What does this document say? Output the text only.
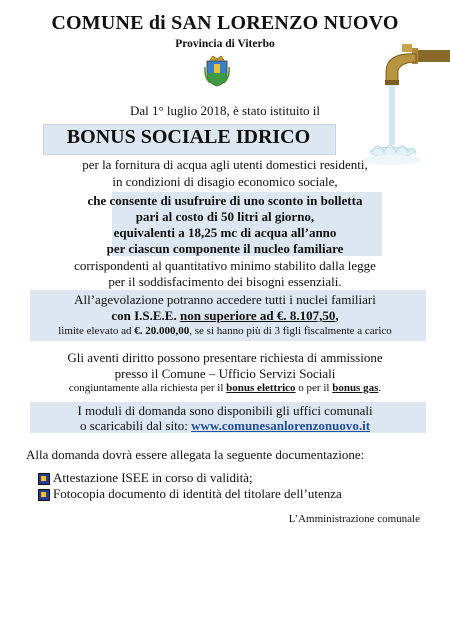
COMUNE di SAN LORENZO NUOVO
Provincia di Viterbo
Dal 1° luglio 2018, è stato istituito il
BONUS SOCIALE IDRICO
per la fornitura di acqua agli utenti domestici residenti,
in condizioni di disagio economico sociale,
che consente di usufruire di uno sconto in bolletta
pari al costo di 50 litri al giorno,
equivalenti a 18,25 mc di acqua all’anno
per ciascun componente il nucleo familiare
corrispondenti al quantitativo minimo stabilito dalla legge
per il soddisfacimento dei bisogni essenziali.
All’agevolazione potranno accedere tutti i nuclei familiari
con I.S.E.E. non superiore ad €. 8.107,50,
limite elevato ad €. 20.000,00, se si hanno più di 3 figli fiscalmente a carico
Gli aventi diritto possono presentare richiesta di ammissione
presso il Comune – Ufficio Servizi Sociali
congiuntamente alla richiesta per il bonus elettrico o per il bonus gas.
I moduli di domanda sono disponibili gli uffici comunali
o scaricabili dal sito: www.comunesanlorenzonuovo.it
Alla domanda dovrà essere allegata la seguente documentazione:
Attestazione ISEE in corso di validità;
Fotocopia documento di identità del titolare dell’utenza
L’Amministrazione comunale
